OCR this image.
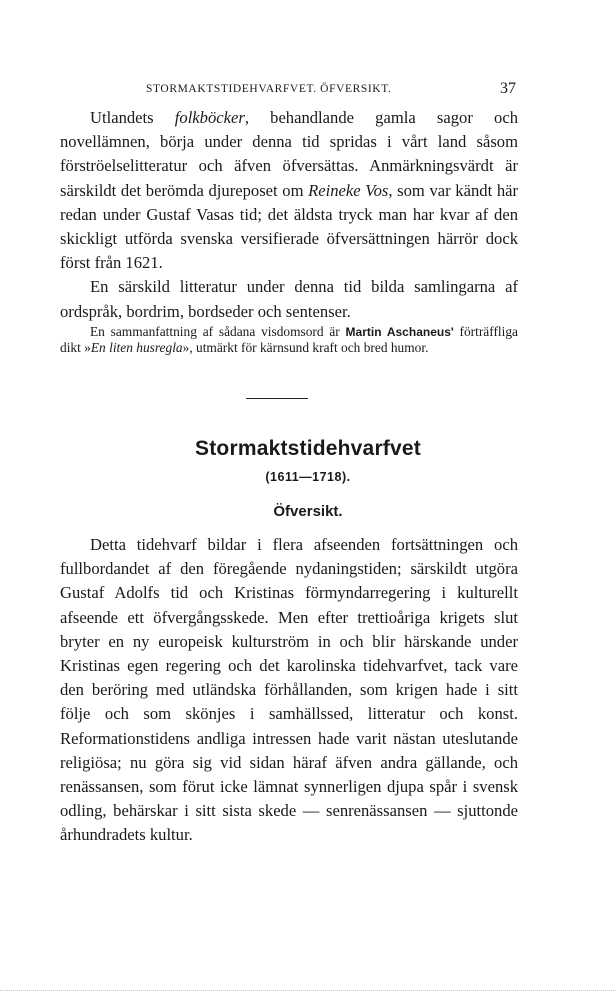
STORMAKTSTIDEHVARFVET. ÖFVERSIKT.	37

Utlandets folkböcker, behandlande gamla sagor och novellämnen, börja under denna tid spridas i vårt land såsom förströelselitteratur och äfven öfversättas. Anmärkningsvärdt är särskildt det berömda djureposet om Reineke Vos, som var kändt här redan under Gustaf Vasas tid; det äldsta tryck man har kvar af den skickligt utförda svenska versifierade öfversättningen härrör dock först från 1621.

En särskild litteratur under denna tid bilda samlingarna af ordspråk, bordrim, bordseder och sentenser.

En sammanfattning af sådana visdomsord är Martin Aschaneus' förträffliga dikt »En liten husregla», utmärkt för kärnsund kraft och bred humor.

Stormaktstidehvarfvet
(1611—1718).
Öfversikt.

Detta tidehvarf bildar i flera afseenden fortsättningen och fullbordandet af den föregående nydaningstiden; särskildt utgöra Gustaf Adolfs tid och Kristinas förmyndarregering i kulturellt afseende ett öfvergångsskede. Men efter trettioåriga krigets slut bryter en ny europeisk kulturström in och blir härskande under Kristinas egen regering och det karolinska tidehvarfvet, tack vare den beröring med utländska förhållanden, som krigen hade i sitt följe och som skönjes i samhällssed, litteratur och konst. Reformationstidens andliga intressen hade varit nästan uteslutande religiösa; nu göra sig vid sidan häraf äfven andra gällande, och renässansen, som förut icke lämnat synnerligen djupa spår i svensk odling, behärskar i sitt sista skede — senrenässansen — sjuttonde århundradets kultur.
